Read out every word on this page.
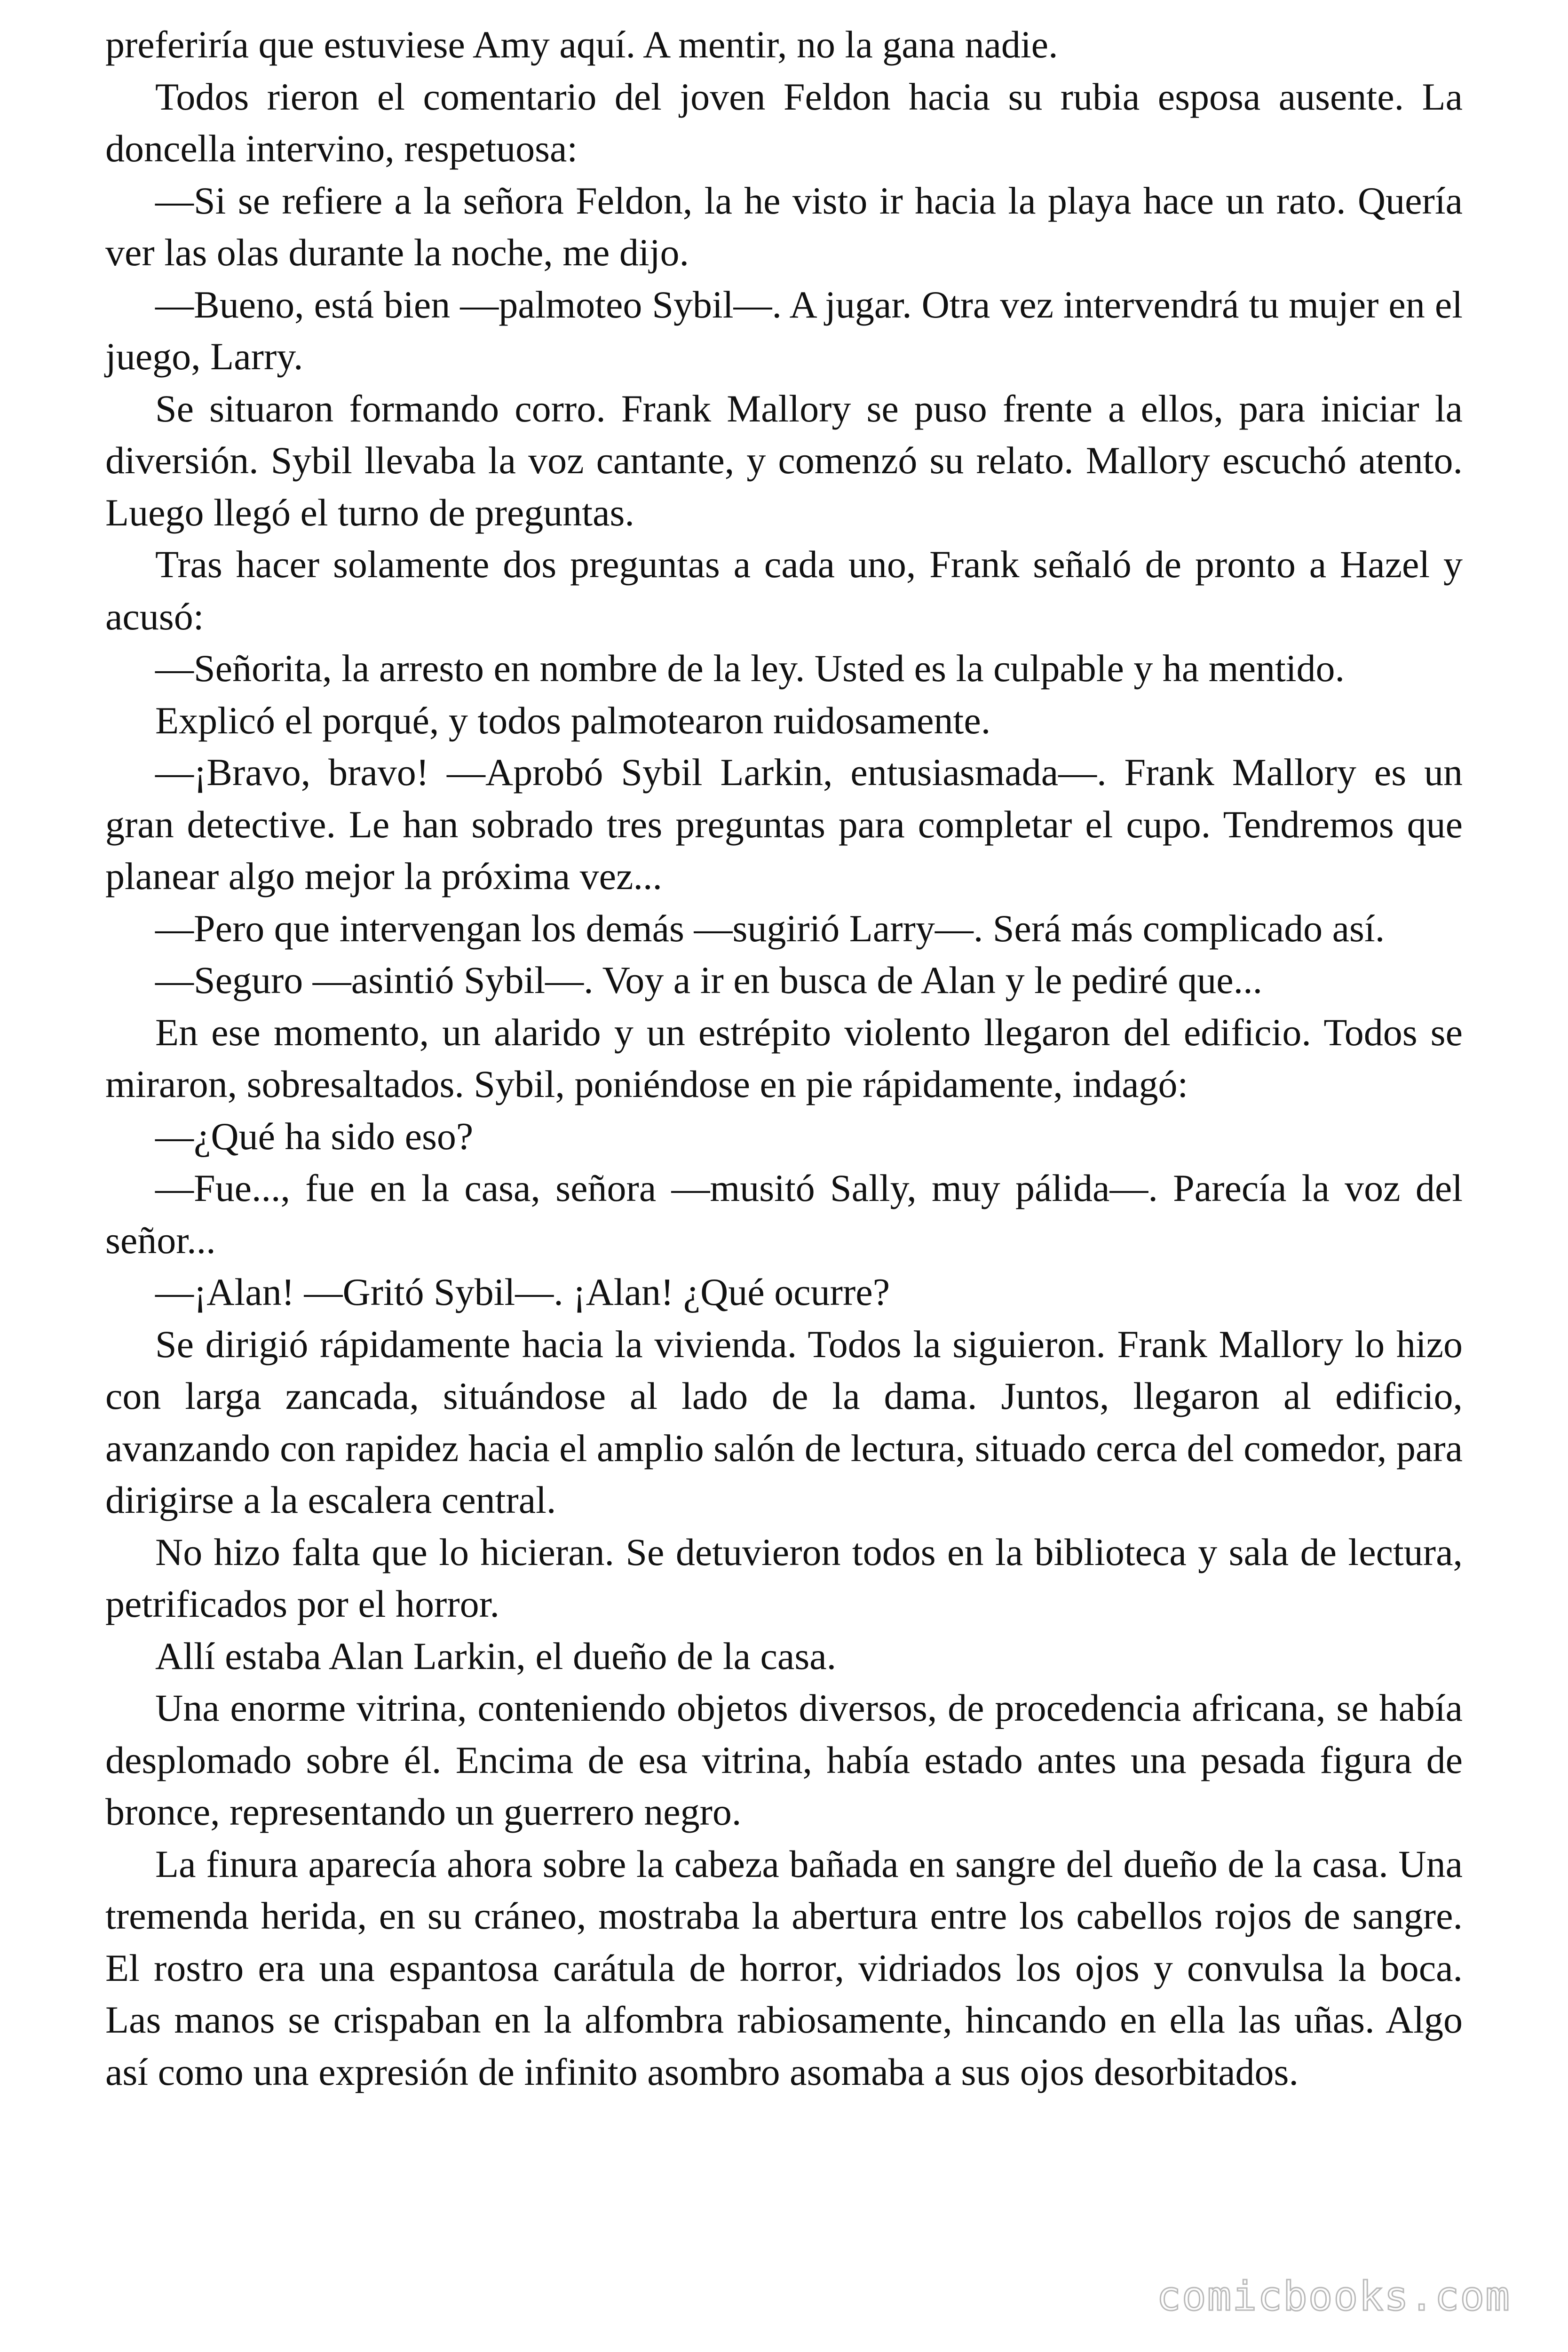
preferiría que estuviese Amy aquí. A mentir, no la gana nadie.

Todos rieron el comentario del joven Feldon hacia su rubia esposa ausente. La doncella intervino, respetuosa:

—Si se refiere a la señora Feldon, la he visto ir hacia la playa hace un rato. Quería ver las olas durante la noche, me dijo.

—Bueno, está bien —palmoteo Sybil—. A jugar. Otra vez intervendrá tu mujer en el juego, Larry.

Se situaron formando corro. Frank Mallory se puso frente a ellos, para iniciar la diversión. Sybil llevaba la voz cantante, y comenzó su relato. Mallory escuchó atento. Luego llegó el turno de preguntas.

Tras hacer solamente dos preguntas a cada uno, Frank señaló de pronto a Hazel y acusó:

—Señorita, la arresto en nombre de la ley. Usted es la culpable y ha mentido.

Explicó el porqué, y todos palmotearon ruidosamente.

—¡Bravo, bravo! —Aprobó Sybil Larkin, entusiasmada—. Frank Mallory es un gran detective. Le han sobrado tres preguntas para completar el cupo. Tendremos que planear algo mejor la próxima vez...

—Pero que intervengan los demás —sugirió Larry—. Será más complicado así.

—Seguro —asintió Sybil—. Voy a ir en busca de Alan y le pediré que...

En ese momento, un alarido y un estrépito violento llegaron del edificio. Todos se miraron, sobresaltados. Sybil, poniéndose en pie rápidamente, indagó:

—¿Qué ha sido eso?

—Fue..., fue en la casa, señora —musitó Sally, muy pálida—. Parecía la voz del señor...

—¡Alan! —Gritó Sybil—. ¡Alan! ¿Qué ocurre?

Se dirigió rápidamente hacia la vivienda. Todos la siguieron. Frank Mallory lo hizo con larga zancada, situándose al lado de la dama. Juntos, llegaron al edificio, avanzando con rapidez hacia el amplio salón de lectura, situado cerca del comedor, para dirigirse a la escalera central.

No hizo falta que lo hicieran. Se detuvieron todos en la biblioteca y sala de lectura, petrificados por el horror.

Allí estaba Alan Larkin, el dueño de la casa.

Una enorme vitrina, conteniendo objetos diversos, de procedencia africana, se había desplomado sobre él. Encima de esa vitrina, había estado antes una pesada figura de bronce, representando un guerrero negro.

La finura aparecía ahora sobre la cabeza bañada en sangre del dueño de la casa. Una tremenda herida, en su cráneo, mostraba la abertura entre los cabellos rojos de sangre. El rostro era una espantosa carátula de horror, vidriados los ojos y convulsa la boca. Las manos se crispaban en la alfombra rabiosamente, hincando en ella las uñas. Algo así como una expresión de infinito asombro asomaba a sus ojos desorbitados.

comicbooks.com
